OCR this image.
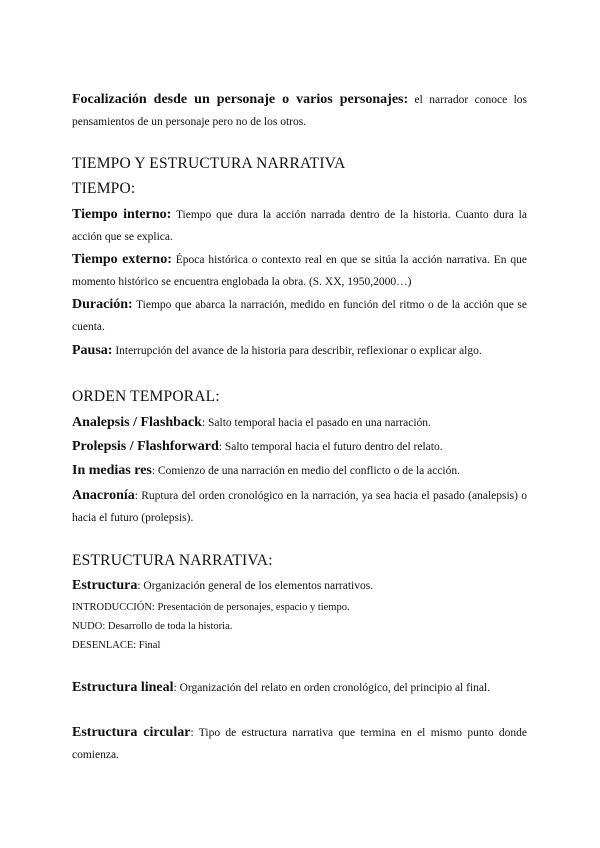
Focalización desde un personaje o varios personajes: el narrador conoce los pensamientos de un personaje pero no de los otros.

TIEMPO Y ESTRUCTURA NARRATIVA
TIEMPO:

Tiempo interno: Tiempo que dura la acción narrada dentro de la historia. Cuanto dura la acción que se explica.

Tiempo externo: Época histórica o contexto real en que se sitúa la acción narrativa. En que momento histórico se encuentra englobada la obra. (S. XX, 1950,2000…)

Duración: Tiempo que abarca la narración, medido en función del ritmo o de la acción que se cuenta.

Pausa: Interrupción del avance de la historia para describir, reflexionar o explicar algo.

ORDEN TEMPORAL:

Analepsis / Flashback: Salto temporal hacia el pasado en una narración.

Prolepsis / Flashforward: Salto temporal hacia el futuro dentro del relato.

In medias res: Comienzo de una narración en medio del conflicto o de la acción.

Anacronía: Ruptura del orden cronológico en la narración, ya sea hacia el pasado (analepsis) o hacia el futuro (prolepsis).

ESTRUCTURA NARRATIVA:

Estructura: Organización general de los elementos narrativos.

INTRODUCCIÓN: Presentación de personajes, espacio y tiempo.

NUDO: Desarrollo de toda la historia.

DESENLACE: Final

Estructura lineal: Organización del relato en orden cronológico, del principio al final.

Estructura circular: Tipo de estructura narrativa que termina en el mismo punto donde comienza.
